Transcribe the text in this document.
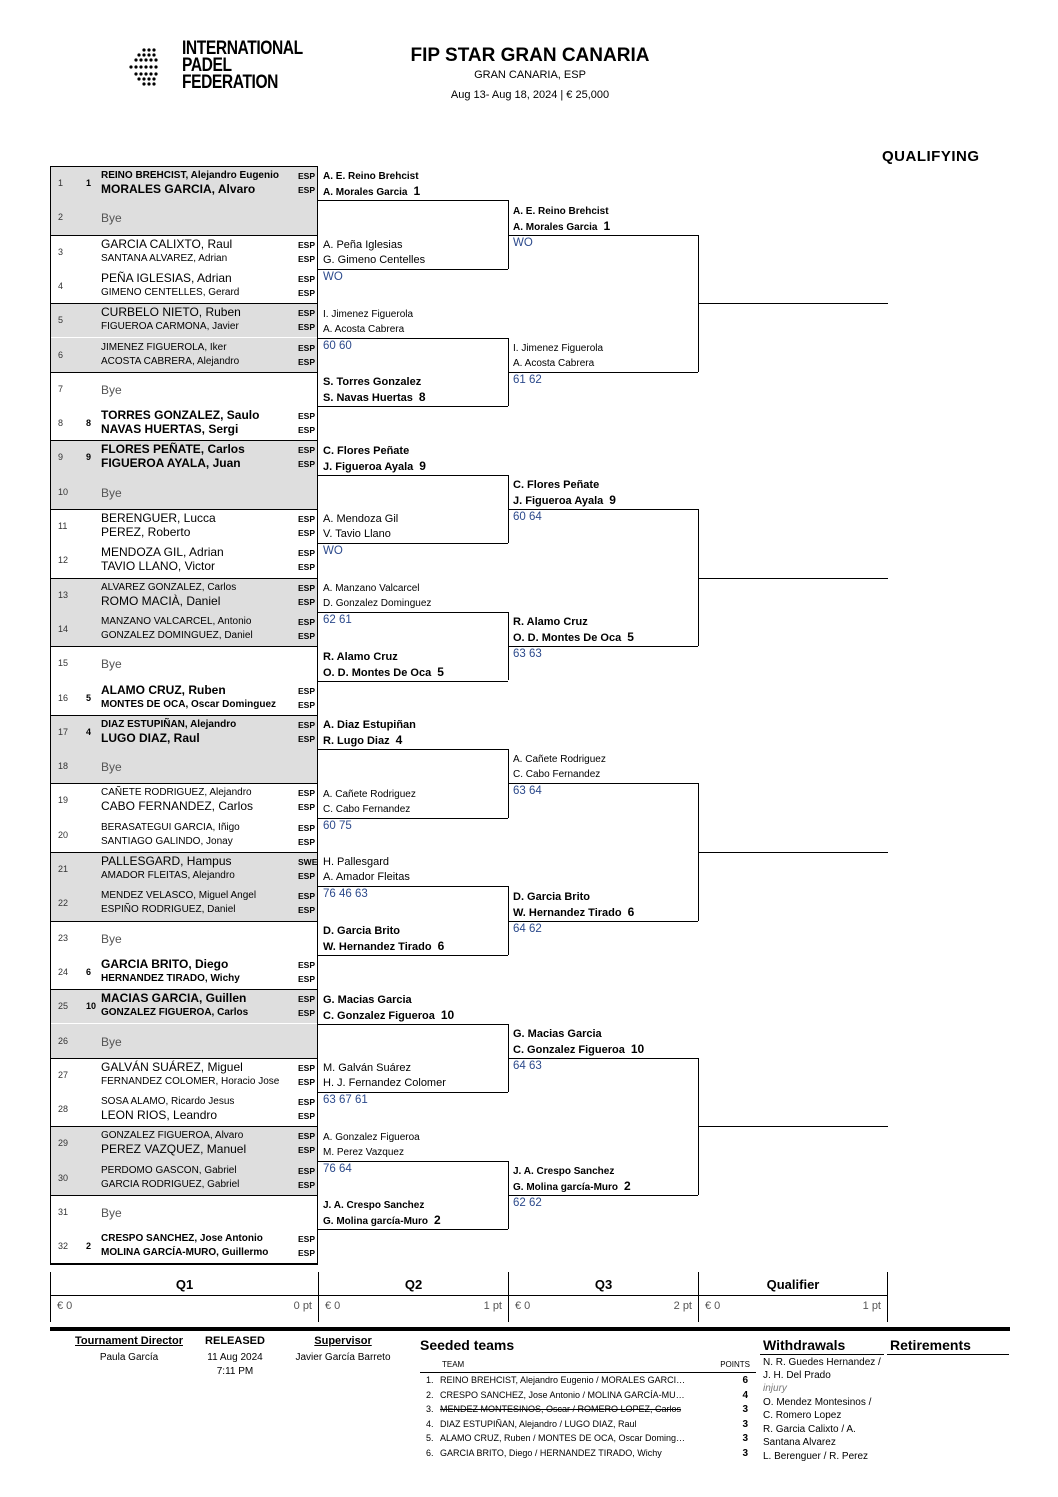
INTERNATIONAL
PADEL
FEDERATION
FIP STAR GRAN CANARIA
GRAN CANARIA, ESP
Aug 13- Aug 18, 2024 | € 25,000
QUALIFYING
1	1
REINO BREHCIST, Alejandro Eugenio
MORALES GARCIA, Alvaro
ESP
ESP
2	Bye
3
GARCIA CALIXTO, Raul
SANTANA ALVAREZ, Adrian
ESP
ESP
4
PEÑA IGLESIAS, Adrian
GIMENO CENTELLES, Gerard
ESP
ESP
5
CURBELO NIETO, Ruben
FIGUEROA CARMONA, Javier
ESP
ESP
6
JIMENEZ FIGUEROLA, Iker
ACOSTA CABRERA, Alejandro
ESP
ESP
7	Bye
8	8
TORRES GONZALEZ, Saulo
NAVAS HUERTAS, Sergi
ESP
ESP
9	9
FLORES PEÑATE, Carlos
FIGUEROA AYALA, Juan
ESP
ESP
10	Bye
11
BERENGUER, Lucca
PEREZ, Roberto
ESP
ESP
12
MENDOZA GIL, Adrian
TAVIO LLANO, Victor
ESP
ESP
13
ALVAREZ GONZALEZ, Carlos
ROMO MACIÀ, Daniel
ESP
ESP
14
MANZANO VALCARCEL, Antonio
GONZALEZ DOMINGUEZ, Daniel
ESP
ESP
15	Bye
16 5
ALAMO CRUZ, Ruben
MONTES DE OCA, Oscar Dominguez
ESP
ESP
17 4
DIAZ ESTUPIÑAN, Alejandro
LUGO DIAZ, Raul
ESP
ESP
18	Bye
19
CAÑETE RODRIGUEZ, Alejandro
CABO FERNANDEZ, Carlos
ESP
ESP
20
BERASATEGUI GARCIA, Iñigo
SANTIAGO GALINDO, Jonay
ESP
ESP
21
PALLESGARD, Hampus
AMADOR FLEITAS, Alejandro
SWE
ESP
22
MENDEZ VELASCO, Miguel Angel
ESPIÑO RODRIGUEZ, Daniel
ESP
ESP
23	Bye
24 6
GARCIA BRITO, Diego
HERNANDEZ TIRADO, Wichy
ESP
ESP
25 10
MACIAS GARCIA, Guillen
GONZALEZ FIGUEROA, Carlos
ESP
ESP
26	Bye
27
GALVÁN SUÁREZ, Miguel
FERNANDEZ COLOMER, Horacio Jose
ESP
ESP
28
SOSA ALAMO, Ricardo Jesus
LEON RIOS, Leandro
ESP
ESP
29
GONZALEZ FIGUEROA, Alvaro
PEREZ VAZQUEZ, Manuel
ESP
ESP
30
PERDOMO GASCON, Gabriel
GARCIA RODRIGUEZ, Gabriel
ESP
ESP
31	Bye
32 2
CRESPO SANCHEZ, Jose Antonio
MOLINA GARCÍA-MURO, Guillermo
ESP
ESP
A. E. Reino Brehcist
A. Morales Garcia 1
A. Peña Iglesias
G. Gimeno Centelles
WO
I. Jimenez Figuerola
A. Acosta Cabrera
60 60
S. Torres Gonzalez
S. Navas Huertas 8
C. Flores Peñate
J. Figueroa Ayala 9
A. Mendoza Gil
V. Tavio Llano
WO
A. Manzano Valcarcel
D. Gonzalez Dominguez
62 61
R. Alamo Cruz
O. D. Montes De Oca 5
A. Diaz Estupiñan
R. Lugo Diaz 4
A. Cañete Rodriguez
C. Cabo Fernandez
60 75
H. Pallesgard
A. Amador Fleitas
76 46 63
D. Garcia Brito
W. Hernandez Tirado 6
G. Macias Garcia
C. Gonzalez Figueroa 10
M. Galván Suárez
H. J. Fernandez Colomer
63 67 61
A. Gonzalez Figueroa
M. Perez Vazquez
76 64
J. A. Crespo Sanchez
G. Molina garcía-Muro 2
A. E. Reino Brehcist
A. Morales Garcia 1
WO
I. Jimenez Figuerola
A. Acosta Cabrera
61 62
C. Flores Peñate
J. Figueroa Ayala 9
60 64
R. Alamo Cruz
O. D. Montes De Oca 5
63 63
A. Cañete Rodriguez
C. Cabo Fernandez
63 64
D. Garcia Brito
W. Hernandez Tirado 6
64 62
G. Macias Garcia
C. Gonzalez Figueroa 10
64 63
J. A. Crespo Sanchez
G. Molina garcía-Muro 2
62 62
Q1
€ 0	0 pt
Q2
€ 0	1 pt
Q3
€ 0	2 pt
Qualifier
€ 0	1 pt
Tournament Director
Paula García
RELEASED
11 Aug 2024
7:11 PM
Supervisor
Javier García Barreto
Seeded teams
TEAM	POINTS
1. REINO BREHCIST, Alejandro Eugenio / MORALES GARCI…	6
2. CRESPO SANCHEZ, Jose Antonio / MOLINA GARCÍA-MU…	4
3. MENDEZ MONTESINOS, Oscar / ROMERO LOPEZ, Carlos	3
4. DIAZ ESTUPIÑAN, Alejandro / LUGO DIAZ, Raul	3
5. ALAMO CRUZ, Ruben / MONTES DE OCA, Oscar Doming…	3
6. GARCIA BRITO, Diego / HERNANDEZ TIRADO, Wichy	3
Withdrawals
N. R. Guedes Hernandez / J. H. Del Prado
injury
O. Mendez Montesinos / C. Romero Lopez
R. Garcia Calixto / A. Santana Alvarez
L. Berenguer / R. Perez
Retirements
